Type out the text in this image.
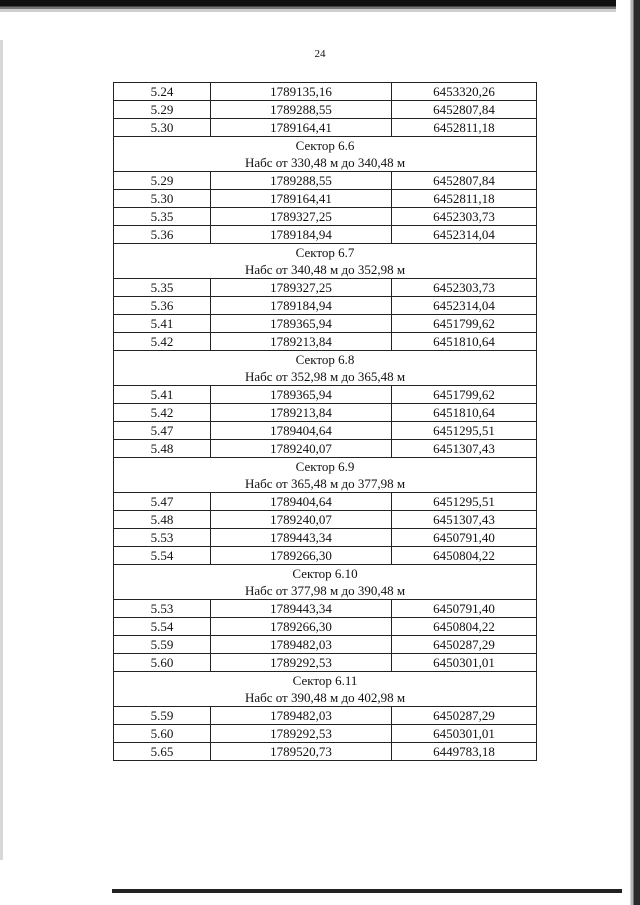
24
5.24	1789135,16	6453320,26
5.29	1789288,55	6452807,84
5.30	1789164,41	6452811,18

Сектор 6.6
Набс от 330,48 м до 340,48 м		

5.29	1789288,55	6452807,84
5.30	1789164,41	6452811,18
5.35	1789327,25	6452303,73
5.36	1789184,94	6452314,04

Сектор 6.7
Набс от 340,48 м до 352,98 м		

5.35	1789327,25	6452303,73
5.36	1789184,94	6452314,04
5.41	1789365,94	6451799,62
5.42	1789213,84	6451810,64

Сектор 6.8
Набс от 352,98 м до 365,48 м		

5.41	1789365,94	6451799,62
5.42	1789213,84	6451810,64
5.47	1789404,64	6451295,51
5.48	1789240,07	6451307,43

Сектор 6.9
Набс от 365,48 м до 377,98 м		

5.47	1789404,64	6451295,51
5.48	1789240,07	6451307,43
5.53	1789443,34	6450791,40
5.54	1789266,30	6450804,22

Сектор 6.10
Набс от 377,98 м до 390,48 м		

5.53	1789443,34	6450791,40
5.54	1789266,30	6450804,22
5.59	1789482,03	6450287,29
5.60	1789292,53	6450301,01

Сектор 6.11
Набс от 390,48 м до 402,98 м		

5.59	1789482,03	6450287,29
5.60	1789292,53	6450301,01
5.65	1789520,73	6449783,18
